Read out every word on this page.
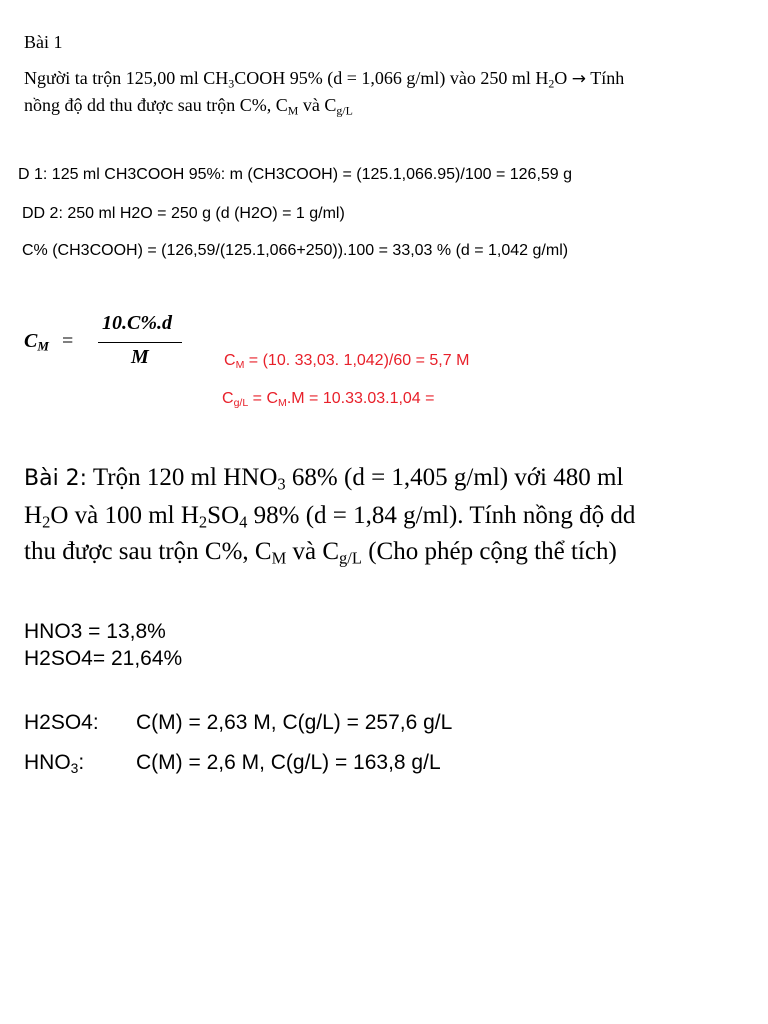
Bài 1
Người ta trộn 125,00 ml $CH_3COOH$ 95% (d = 1,066 g/ml) vào 250 ml $H_2O$ → Tính
nồng độ dd thu được sau trộn C%, $C_M$ và $C_{g/L}$
D 1: 125 ml CH3COOH 95%: m (CH3COOH) = (125.1,066.95)/100 = 126,59 g
DD 2: 250 ml H2O = 250 g (d (H2O) = 1 g/ml)
C% (CH3COOH) = (126,59/(125.1,066+250)).100 = 33,03 % (d = 1,042 g/ml)
$C_M$ =
10.C%.d
M	$C_M = (10$. 33,03. 1,042)/60 = 5,7 M
$C_{g/L} = C_M.M = 10.33.03.1,04$ =
Bài 2: Trộn 120 ml $HNO_3$ 68% (d = 1,405 g/ml) với 480 ml
$H_2O$ và 100 ml $H_2SO_4$ 98% (d = 1,84 g/ml). Tính nồng độ dd
thu được sau trộn C%, $C_M$ và $C_{g/L}$ (Cho phép cộng thể tích)
HNO3 = 13,8%
H2SO4= 21,64%
H2SO4: C(M) = 2,63 M, C(g/L) = 257,6 g/L
$HNO_3$: C(M) = 2,6 M, C(g/L) = 163,8 g/L
